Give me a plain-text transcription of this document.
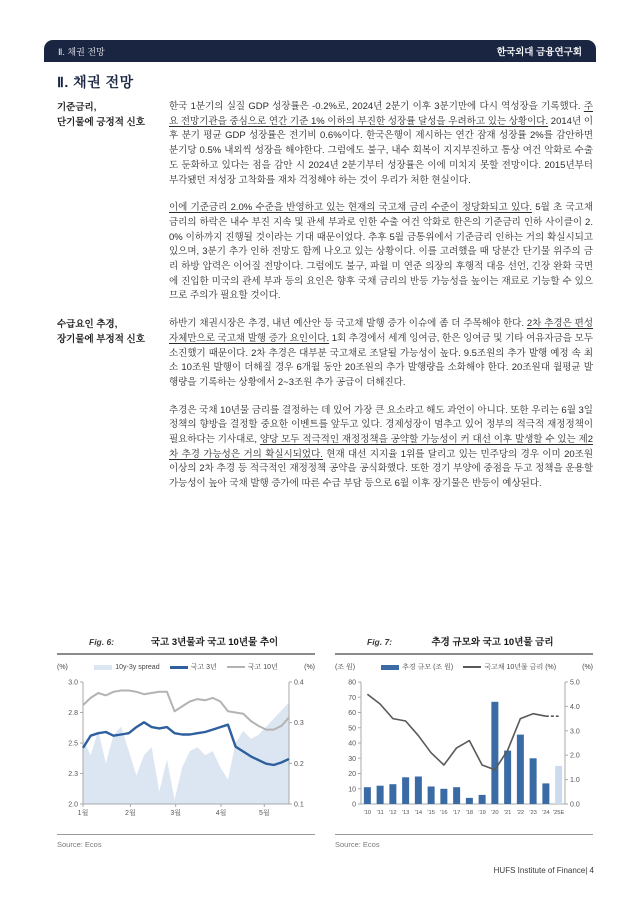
Ⅱ. 채권 전망	한국외대 금융연구회
Ⅱ. 채권 전망
기준금리,
단기물에 긍정적 신호
한국 1분기의 실질 GDP 성장률은 -0.2%로, 2024년 2분기 이후 3분기만에 다시 역성장을 기록했다. 주요 전망기관을 중심으로 연간 기준 1% 이하의 부진한 성장률 달성을 우려하고 있는 상황이다. 2014년 이후 분기 평균 GDP 성장률은 전기비 0.6%이다. 한국은행이 제시하는 연간 잠재 성장률 2%를 감안하면 분기당 0.5% 내외씩 성장을 해야한다. 그럼에도 불구, 내수 회복이 지지부진하고 통상 여건 악화로 수출도 둔화하고 있다는 점을 감안 시 2024년 2분기부터 성장률은 이에 미치지 못할 전망이다. 2015년부터 부각됐던 저성장 고착화를 재차 걱정해야 하는 것이 우리가 처한 현실이다.
이에 기준금리 2.0% 수준을 반영하고 있는 현재의 국고채 금리 수준이 정당화되고 있다. 5월 초 국고채 금리의 하락은 내수 부진 지속 및 관세 부과로 인한 수출 여건 악화로 한은의 기준금리 인하 사이클이 2.0% 이하까지 진행될 것이라는 기대 때문이었다. 추후 5월 금통위에서 기준금리 인하는 거의 확실시되고 있으며, 3분기 추가 인하 전망도 함께 나오고 있는 상황이다. 이를 고려했을 때 당분간 단기물 위주의 금리 하방 압력은 이어질 전망이다. 그럼에도 불구, 파월 미 연준 의장의 후행적 대응 선언, 긴장 완화 국면에 진입한 미국의 관세 부과 등의 요인은 향후 국채 금리의 반등 가능성을 높이는 재료로 기능할 수 있으므로 주의가 필요할 것이다.
수급요인 추경,
장기물에 부정적 신호
하반기 채권시장은 추경, 내년 예산안 등 국고채 발행 증가 이슈에 좀 더 주목해야 한다. 2차 추경은 편성 자체만으로 국고채 발행 증가 요인이다. 1회 추경에서 세계 잉여금, 한은 잉여금 및 기타 여유자금을 모두 소진했기 때문이다. 2차 추경은 대부분 국고채로 조달될 가능성이 높다. 9.5조원의 추가 발행 예정 속 최소 10조원 발행이 더해질 경우 6개월 동안 20조원의 추가 발행량을 소화해야 한다. 20조원대 월평균 발행량을 기록하는 상황에서 2~3조원 추가 공급이 더해진다.
추경은 국채 10년물 금리를 결정하는 데 있어 가장 큰 요소라고 해도 과언이 아니다. 또한 우리는 6월 3일 정책의 향방을 결정할 중요한 이벤트를 앞두고 있다. 경제성장이 멈추고 있어 정부의 적극적 재정정책이 필요하다는 기사대로, 양당 모두 적극적인 재정정책을 공약할 가능성이 커 대선 이후 발생할 수 있는 제2차 추경 가능성은 거의 확실시되었다. 현재 대선 지지율 1위를 달리고 있는 민주당의 경우 이미 20조원 이상의 2차 추경 등 적극적인 재정정책 공약을 공식화했다. 또한 경기 부양에 중점을 두고 정책을 운용할 가능성이 높아 국채 발행 증가에 따른 수급 부담 등으로 6월 이후 장기물은 반등이 예상된다.
Fig. 6:	국고 3년물과 국고 10년물 추이
(%)	10y-3y spread	국고 3년	국고 10년	(%)
3.0
2.8
2.5
2.3
2.0
0.4
0.3
0.2
0.1
1월	2월	3월	4월	5월
Source: Ecos
Fig. 7:	추경 규모와 국고 10년물 금리
(조 원)	추경 규모 (조 원)	국고채 10년물 금리 (%)	(%)
80
70
60
50
40
30
20
10
0
5.0
4.0
3.0
2.0
1.0
0.0
'10 '11 '12 '13 '14 '15 '16 '17 '18 '19 '20 '21 '22 '23 '24 '25E
Source: Ecos
HUFS Institute of Finance| 4
